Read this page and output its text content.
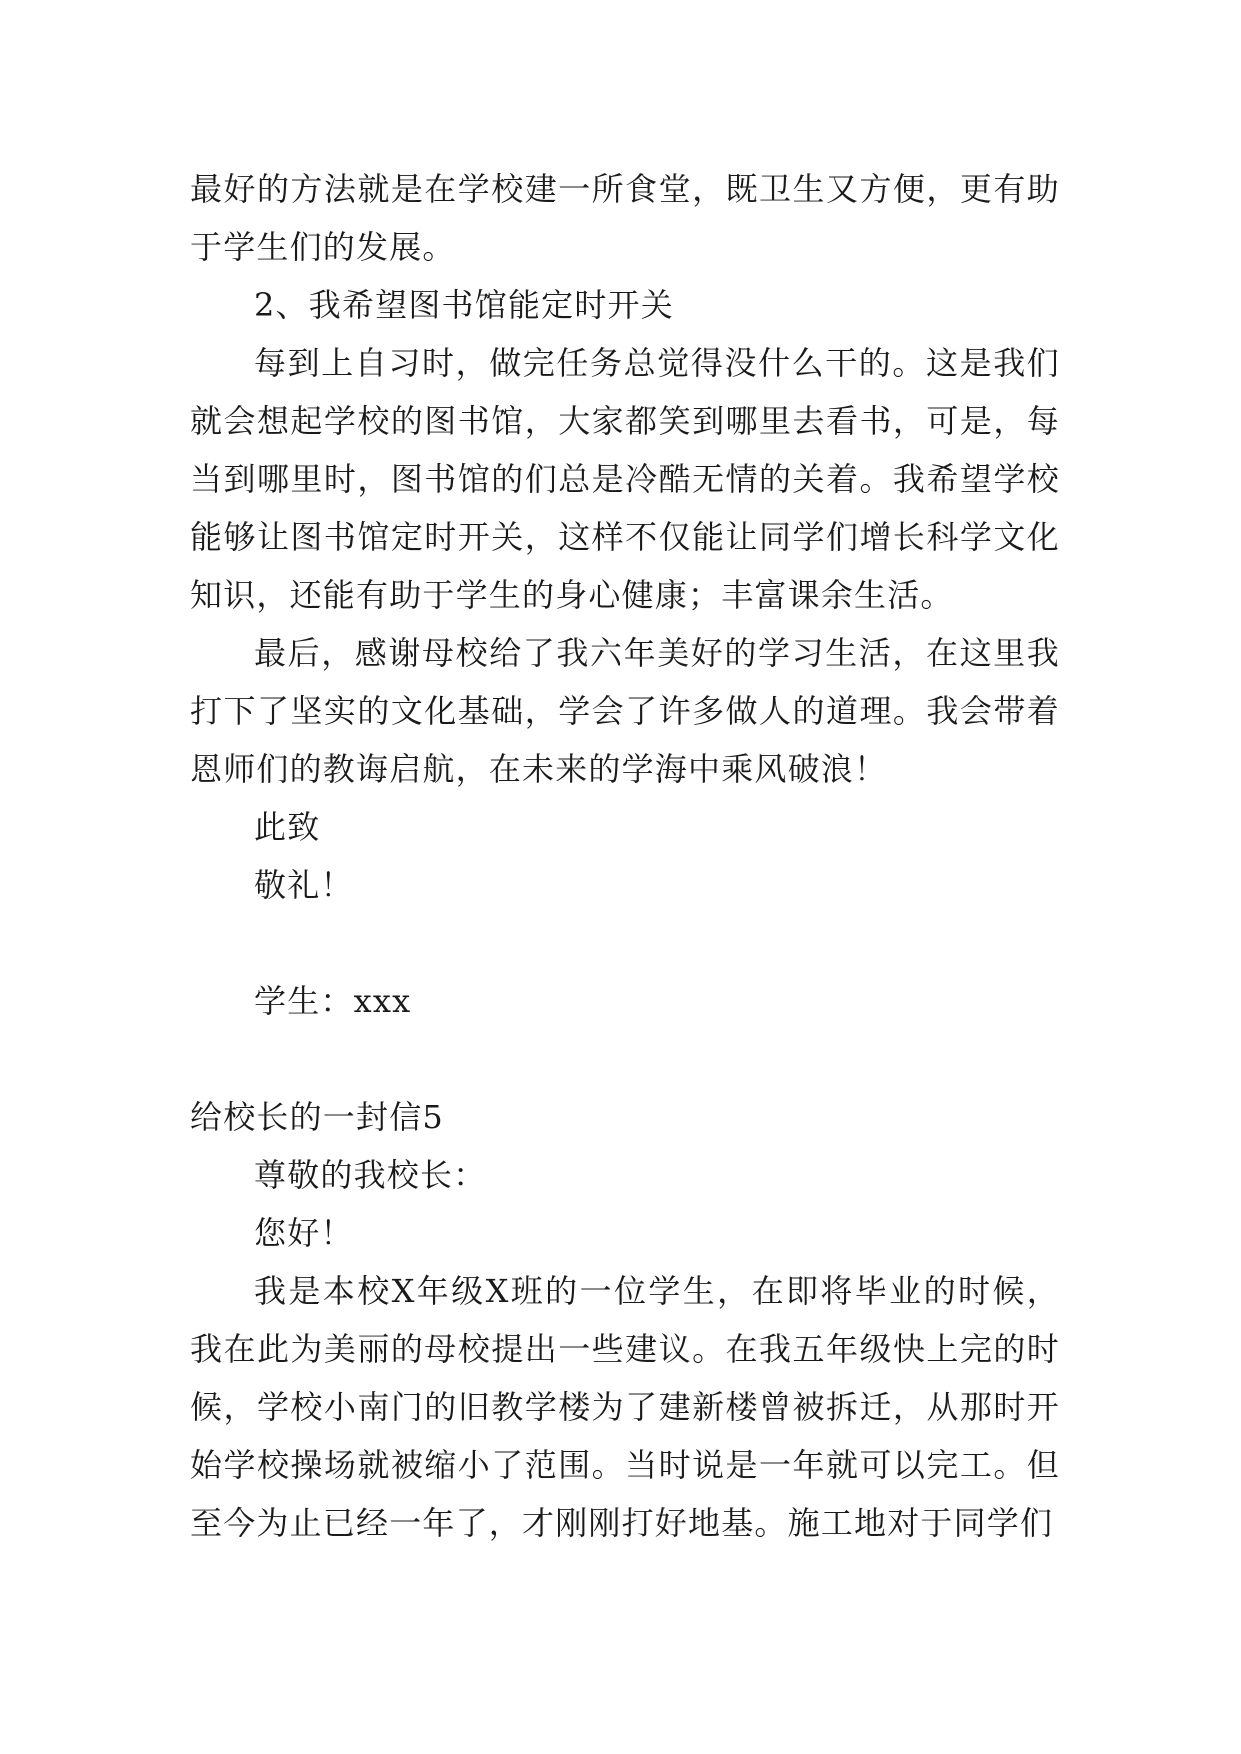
最好的方法就是在学校建一所食堂，既卫生又方便，更有助于学生们的发展。

2、我希望图书馆能定时开关

每到上自习时，做完任务总觉得没什么干的。这是我们就会想起学校的图书馆，大家都笑到哪里去看书，可是，每当到哪里时，图书馆的们总是冷酷无情的关着。我希望学校能够让图书馆定时开关，这样不仅能让同学们增长科学文化知识，还能有助于学生的身心健康；丰富课余生活。

最后，感谢母校给了我六年美好的学习生活，在这里我打下了坚实的文化基础，学会了许多做人的道理。我会带着恩师们的教诲启航，在未来的学海中乘风破浪！

此致

敬礼！

学生：xxx

给校长的一封信5

尊敬的我校长：

您好！

我是本校X年级X班的一位学生，在即将毕业的时候，我在此为美丽的母校提出一些建议。在我五年级快上完的时候，学校小南门的旧教学楼为了建新楼曾被拆迁，从那时开始学校操场就被缩小了范围。当时说是一年就可以完工。但至今为止已经一年了，才刚刚打好地基。施工地对于同学们
